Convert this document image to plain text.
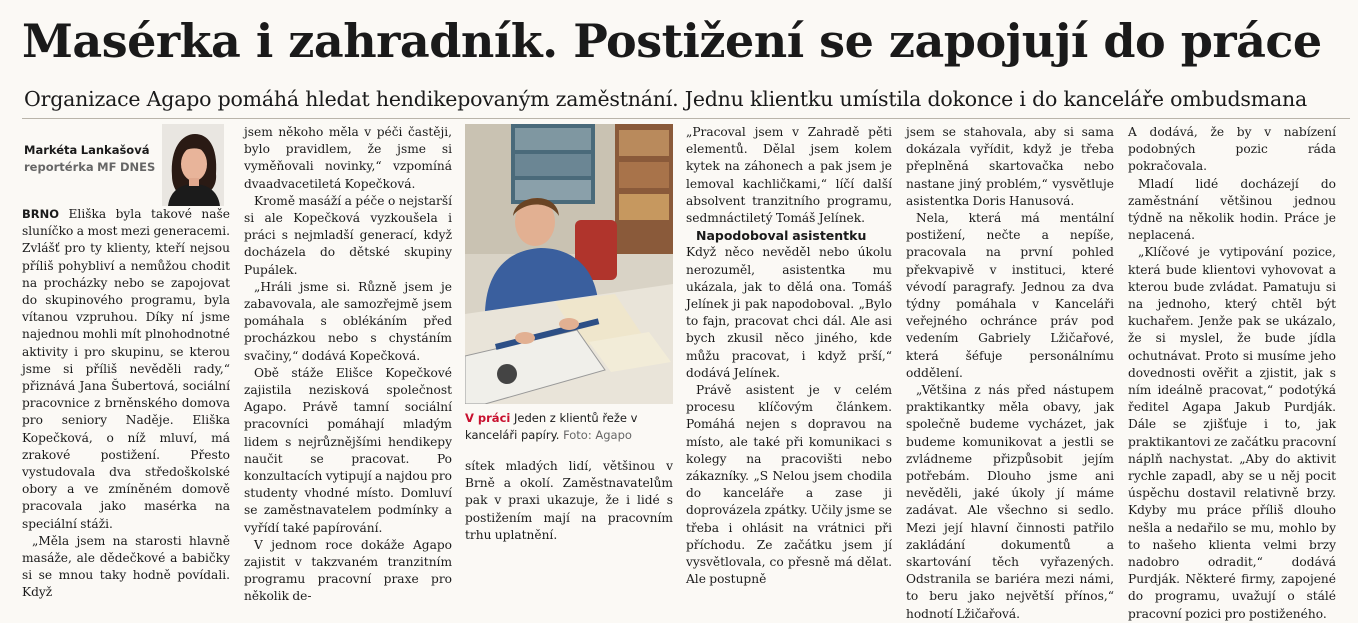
Masérka i zahradník. Postižení se zapojují do práce
Organizace Agapo pomáhá hledat hendikepovaným zaměstnání. Jednu klientku umístila dokonce i do kanceláře ombudsmana
Markéta Lankašová
reportérka MF DNES

BRNO Eliška byla takové naše sluníčko a most mezi generacemi. Zvlášť pro ty klienty, kteří nejsou příliš pohybliví a nemůžou chodit na procházky nebo se zapojovat do skupinového programu, byla vítanou vzpruhou. Díky ní jsme najednou mohli mít plnohodnotné aktivity i pro skupinu, se kterou jsme si příliš nevěděli rady,“ přiznává Jana Šubertová, sociální pracovnice z brněnského domova pro seniory Naděje. Eliška Kopečková, o níž mluví, má zrakové postižení. Přesto vystudovala dva středoškolské obory a ve zmíněném domově pracovala jako masérka na speciální stáži.

„Měla jsem na starosti hlavně masáže, ale dědečkové a babičky si se mnou taky hodně povídali. Když

jsem někoho měla v péči častěji, bylo pravidlem, že jsme si vyměňovali novinky,“ vzpomíná dvaadvacetiletá Kopečková.

Kromě masáží a péče o nejstarší si ale Kopečková vyzkoušela i práci s nejmladší generací, když docházela do dětské skupiny Pupálek.

„Hráli jsme si. Různě jsem je zabavovala, ale samozřejmě jsem pomáhala s oblékáním před procházkou nebo s chystáním svačiny,“ dodává Kopečková.

Obě stáže Elišce Kopečkové zajistila nezisková společnost Agapo. Právě tamní sociální pracovníci pomáhají mladým lidem s nejrůznějšími hendikepy naučit se pracovat. Po konzultacích vytipují a najdou pro studenty vhodné místo. Domluví se zaměstnavatelem podmínky a vyřídí také papírování.

V jednom roce dokáže Agapo zajistit v takzvaném tranzitním programu pracovní praxe pro několik de-

V práci Jeden z klientů řeže v kanceláři papíry. Foto: Agapo

sítek mladých lidí, většinou v Brně a okolí. Zaměstnavatelům pak v praxi ukazuje, že i lidé s postižením mají na pracovním trhu uplatnění.

„Pracoval jsem v Zahradě pěti elementů. Dělal jsem kolem kytek na záhonech a pak jsem je lemoval kachličkami,“ líčí další absolvent tranzitního programu, sedmnáctiletý Tomáš Jelínek.

Napodoboval asistentku

Když něco nevěděl nebo úkolu nerozuměl, asistentka mu ukázala, jak to dělá ona. Tomáš Jelínek ji pak napodoboval. „Bylo to fajn, pracovat chci dál. Ale asi bych zkusil něco jiného, kde můžu pracovat, i když prší,“ dodává Jelínek.

Právě asistent je v celém procesu klíčovým článkem. Pomáhá nejen s dopravou na místo, ale také při komunikaci s kolegy na pracovišti nebo zákazníky. „S Nelou jsem chodila do kanceláře a zase ji doprovázela zpátky. Učily jsme se třeba i ohlásit na vrátnici při příchodu. Ze začátku jsem jí vysvětlovala, co přesně má dělat. Ale postupně

jsem se stahovala, aby si sama dokázala vyřídit, když je třeba přeplněná skartovačka nebo nastane jiný problém,“ vysvětluje asistentka Doris Hanusová.

Nela, která má mentální postižení, nečte a nepíše, pracovala na první pohled překvapivě v instituci, které vévodí paragrafy. Jednou za dva týdny pomáhala v Kanceláři veřejného ochránce práv pod vedením Gabriely Lžičařové, která šéfuje personálnímu oddělení.

„Většina z nás před nástupem praktikantky měla obavy, jak společně budeme vycházet, jak budeme komunikovat a jestli se zvládneme přizpůsobit jejím potřebám. Dlouho jsme ani nevěděli, jaké úkoly jí máme zadávat. Ale všechno si sedlo. Mezi její hlavní činnosti patřilo zakládání dokumentů a skartování těch vyřazených. Odstranila se bariéra mezi námi, to beru jako největší přínos,“ hodnotí Lžičařová.

A dodává, že by v nabízení podobných pozic ráda pokračovala.

Mladí lidé docházejí do zaměstnání většinou jednou týdně na několik hodin. Práce je neplacená.

„Klíčové je vytipování pozice, která bude klientovi vyhovovat a kterou bude zvládat. Pamatuju si na jednoho, který chtěl být kuchařem. Jenže pak se ukázalo, že si myslel, že bude jídla ochutnávat. Proto si musíme jeho dovednosti ověřit a zjistit, jak s ním ideálně pracovat,“ podotýká ředitel Agapa Jakub Purdják. Dále se zjišťuje i to, jak praktikantovi ze začátku pracovní náplň nachystat. „Aby do aktivit rychle zapadl, aby se u něj pocit úspěchu dostavil relativně brzy. Kdyby mu práce příliš dlouho nešla a nedařilo se mu, mohlo by to našeho klienta velmi brzy nadobro odradit,“ dodává Purdják. Některé firmy, zapojené do programu, uvažují o stálé pracovní pozici pro postiženého.
